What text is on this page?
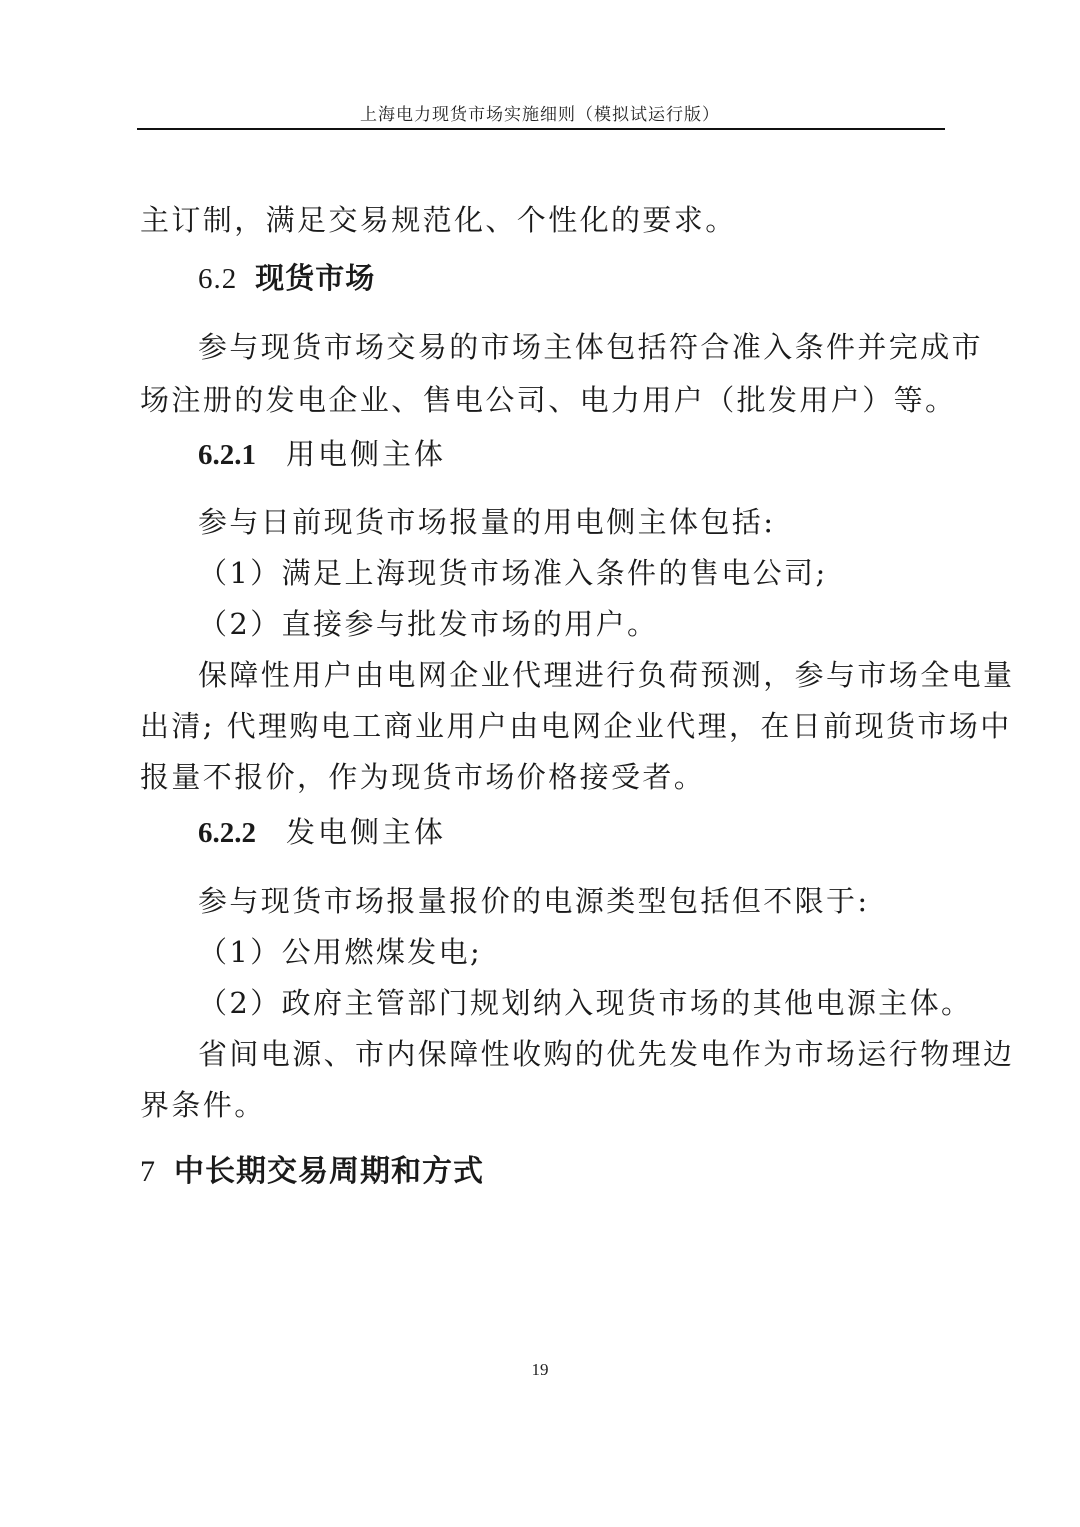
上海电力现货市场实施细则（模拟试运行版）
主订制，满足交易规范化、个性化的要求。
6.2 现货市场
参与现货市场交易的市场主体包括符合准入条件并完成市
场注册的发电企业、售电公司、电力用户（批发用户）等。
6.2.1 用电侧主体
参与日前现货市场报量的用电侧主体包括:
（1）满足上海现货市场准入条件的售电公司;
（2）直接参与批发市场的用户。
保障性用户由电网企业代理进行负荷预测，参与市场全电量
出清; 代理购电工商业用户由电网企业代理，在日前现货市场中
报量不报价，作为现货市场价格接受者。
6.2.2 发电侧主体
参与现货市场报量报价的电源类型包括但不限于:
（1）公用燃煤发电;
（2）政府主管部门规划纳入现货市场的其他电源主体。
省间电源、市内保障性收购的优先发电作为市场运行物理边
界条件。
7 中长期交易周期和方式
19
